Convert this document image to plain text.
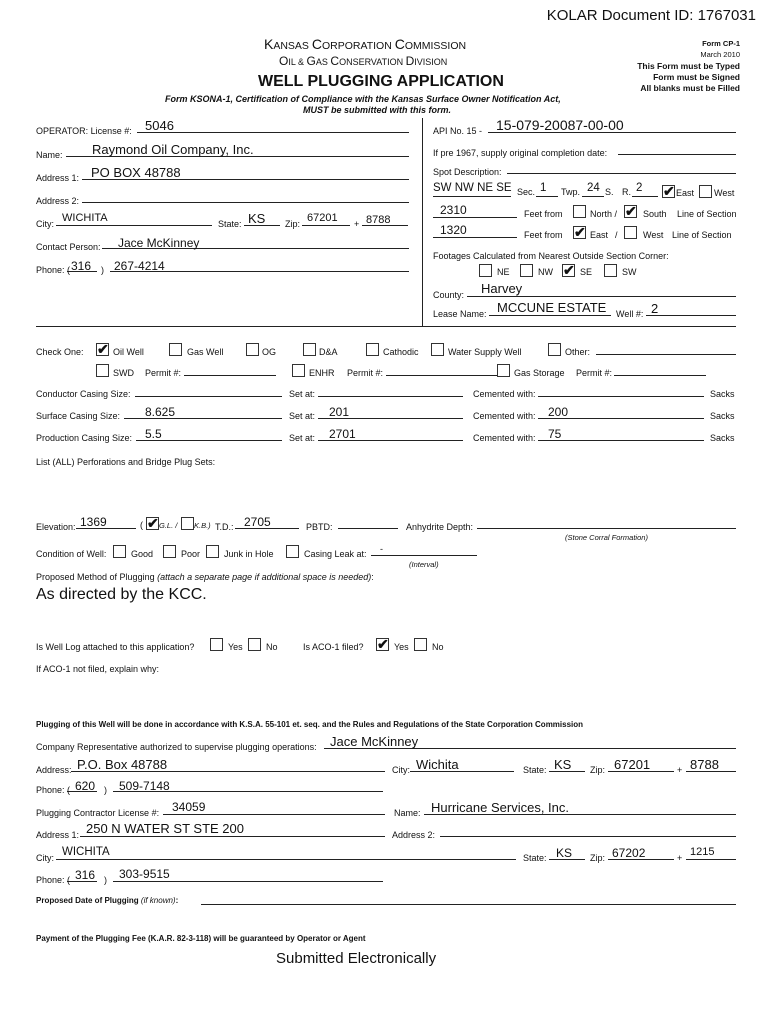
KOLAR Document ID: 1767031
KANSAS CORPORATION COMMISSION
OIL & GAS CONSERVATION DIVISION
WELL PLUGGING APPLICATION
Form KSONA-1, Certification of Compliance with the Kansas Surface Owner Notification Act,
MUST be submitted with this form.
Form CP-1
March 2010
This Form must be Typed
Form must be Signed
All blanks must be Filled
OPERATOR: License #: 5046
Name: Raymond Oil Company, Inc.
Address 1: PO BOX 48788
Address 2:
City: WICHITA	State: KS Zip: 67201 + 8788
Contact Person: Jace McKinney
Phone: ( 316 ) 267-4214
API No. 15 - 15-079-20087-00-00
If pre 1967, supply original completion date:
Spot Description:
SW NW NE SE Sec. 1 Twp. 24 S. R. 2 ✔ East West
2310	Feet from	North / ✔ South Line of Section
1320	Feet from ✔ East /	West Line of Section
Footages Calculated from Nearest Outside Section Corner:
NE	NW ✔ SE	SW
County: Harvey
Lease Name: MCCUNE ESTATE Well #: 2
Check One: ✔ Oil Well	Gas Well	OG	D&A	Cathodic	Water Supply Well	Other:
SWD Permit #:	ENHR Permit #:	Gas Storage Permit #:
Conductor Casing Size:	Set at:	Cemented with:	Sacks
Surface Casing Size: 8.625	Set at: 201	Cemented with: 200	Sacks
Production Casing Size: 5.5	Set at: 2701	Cemented with: 75	Sacks
List (ALL) Perforations and Bridge Plug Sets:
Elevation: 1369	( ✔ G.L. / K.B.) T.D.: 2705	PBTD:	Anhydrite Depth:
(Stone Corral Formation)
Condition of Well:	Good	Poor	Junk in Hole	Casing Leak at: -
(Interval)
Proposed Method of Plugging (attach a separate page if additional space is needed):
As directed by the KCC.
Is Well Log attached to this application?	Yes	No	Is ACO-1 filed? ✔ Yes	No
If ACO-1 not filed, explain why:
Plugging of this Well will be done in accordance with K.S.A. 55-101 et. seq. and the Rules and Regulations of the State Corporation Commission
Company Representative authorized to supervise plugging operations: Jace McKinney
Address: P.O. Box 48788	City: Wichita	State: KS Zip: 67201	+ 8788
Phone: ( 620 ) 509-7148
Plugging Contractor License #: 34059	Name: Hurricane Services, Inc.
Address 1: 250 N WATER ST STE 200	Address 2:
City: WICHITA	State: KS Zip: 67202	+ 1215
Phone: ( 316 ) 303-9515
Proposed Date of Plugging (if known):
Payment of the Plugging Fee (K.A.R. 82-3-118) will be guaranteed by Operator or Agent
Submitted Electronically
